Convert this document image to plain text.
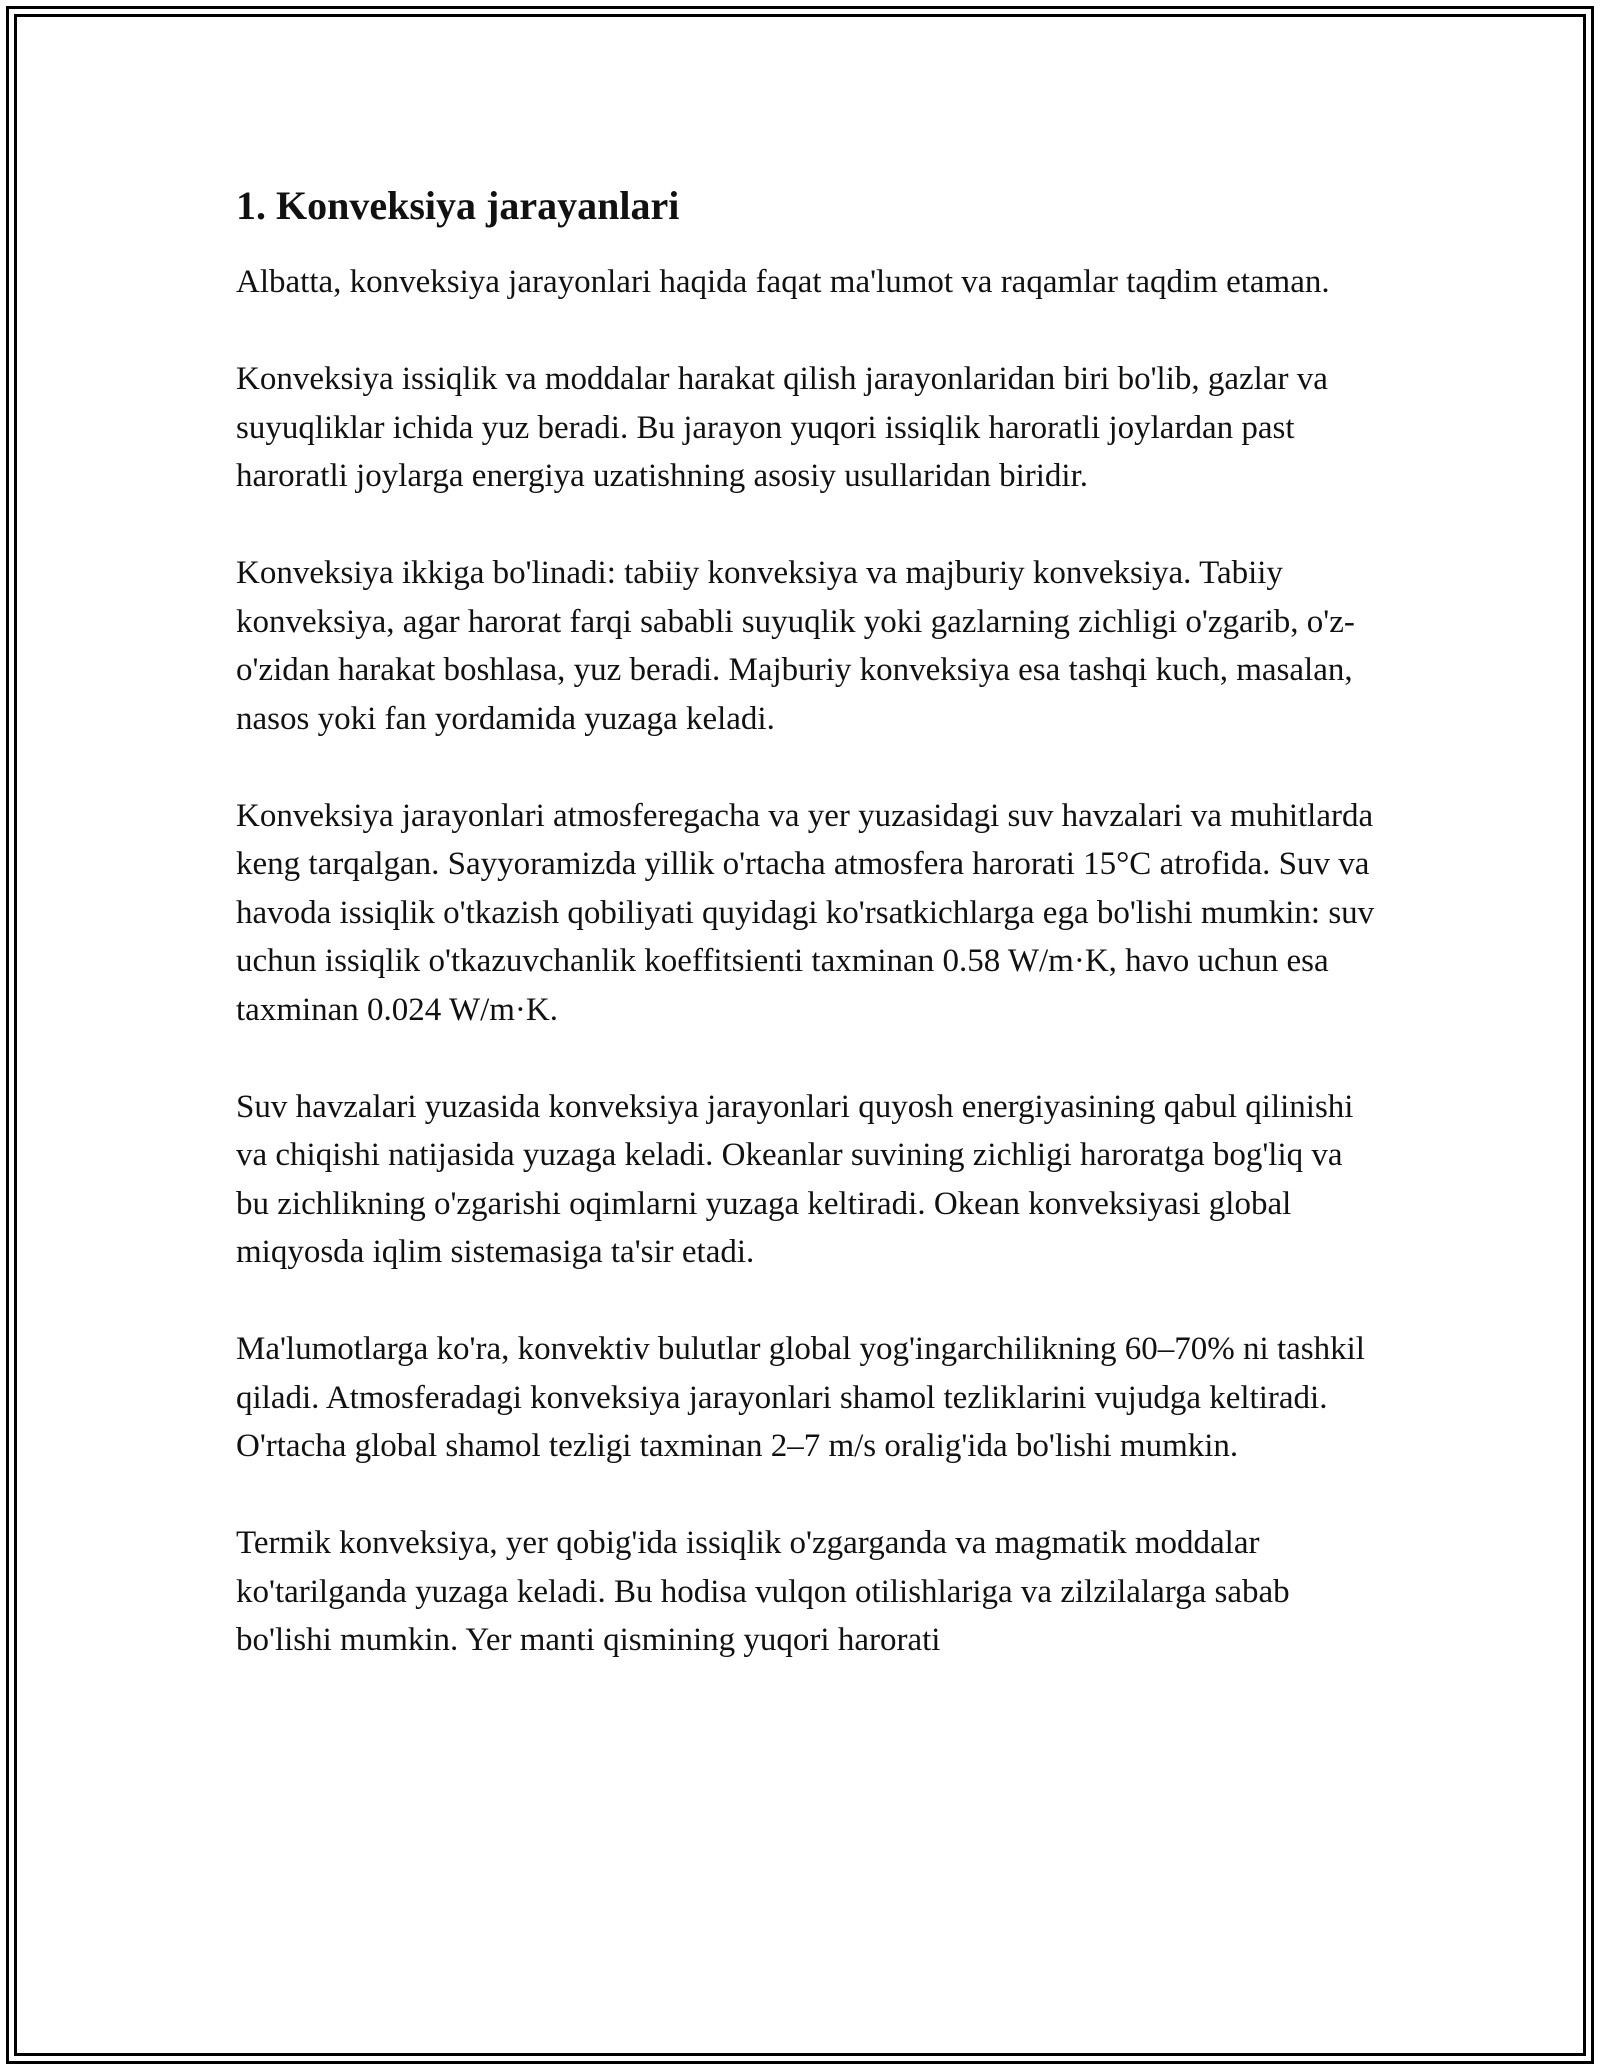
1. Konveksiya jarayanlari

Albatta, konveksiya jarayonlari haqida faqat ma'lumot va raqamlar taqdim etaman.

Konveksiya issiqlik va moddalar harakat qilish jarayonlaridan biri bo'lib, gazlar va suyuqliklar ichida yuz beradi. Bu jarayon yuqori issiqlik haroratli joylardan past haroratli joylarga energiya uzatishning asosiy usullaridan biridir.

Konveksiya ikkiga bo'linadi: tabiiy konveksiya va majburiy konveksiya. Tabiiy konveksiya, agar harorat farqi sababli suyuqlik yoki gazlarning zichligi o'zgarib, o'z-o'zidan harakat boshlasa, yuz beradi. Majburiy konveksiya esa tashqi kuch, masalan, nasos yoki fan yordamida yuzaga keladi.

Konveksiya jarayonlari atmosferegacha va yer yuzasidagi suv havzalari va muhitlarda keng tarqalgan. Sayyoramizda yillik o'rtacha atmosfera harorati 15°C atrofida. Suv va havoda issiqlik o'tkazish qobiliyati quyidagi ko'rsatkichlarga ega bo'lishi mumkin: suv uchun issiqlik o'tkazuvchanlik koeffitsienti taxminan 0.58 W/m·K, havo uchun esa taxminan 0.024 W/m·K.

Suv havzalari yuzasida konveksiya jarayonlari quyosh energiyasining qabul qilinishi va chiqishi natijasida yuzaga keladi. Okeanlar suvining zichligi haroratga bog'liq va bu zichlikning o'zgarishi oqimlarni yuzaga keltiradi. Okean konveksiyasi global miqyosda iqlim sistemasiga ta'sir etadi.

Ma'lumotlarga ko'ra, konvektiv bulutlar global yog'ingarchilikning 60–70% ni tashkil qiladi. Atmosferadagi konveksiya jarayonlari shamol tezliklarini vujudga keltiradi. O'rtacha global shamol tezligi taxminan 2–7 m/s oralig'ida bo'lishi mumkin.

Termik konveksiya, yer qobig'ida issiqlik o'zgarganda va magmatik moddalar ko'tarilganda yuzaga keladi. Bu hodisa vulqon otilishlariga va zilzilalarga sabab bo'lishi mumkin. Yer manti qismining yuqori harorati
